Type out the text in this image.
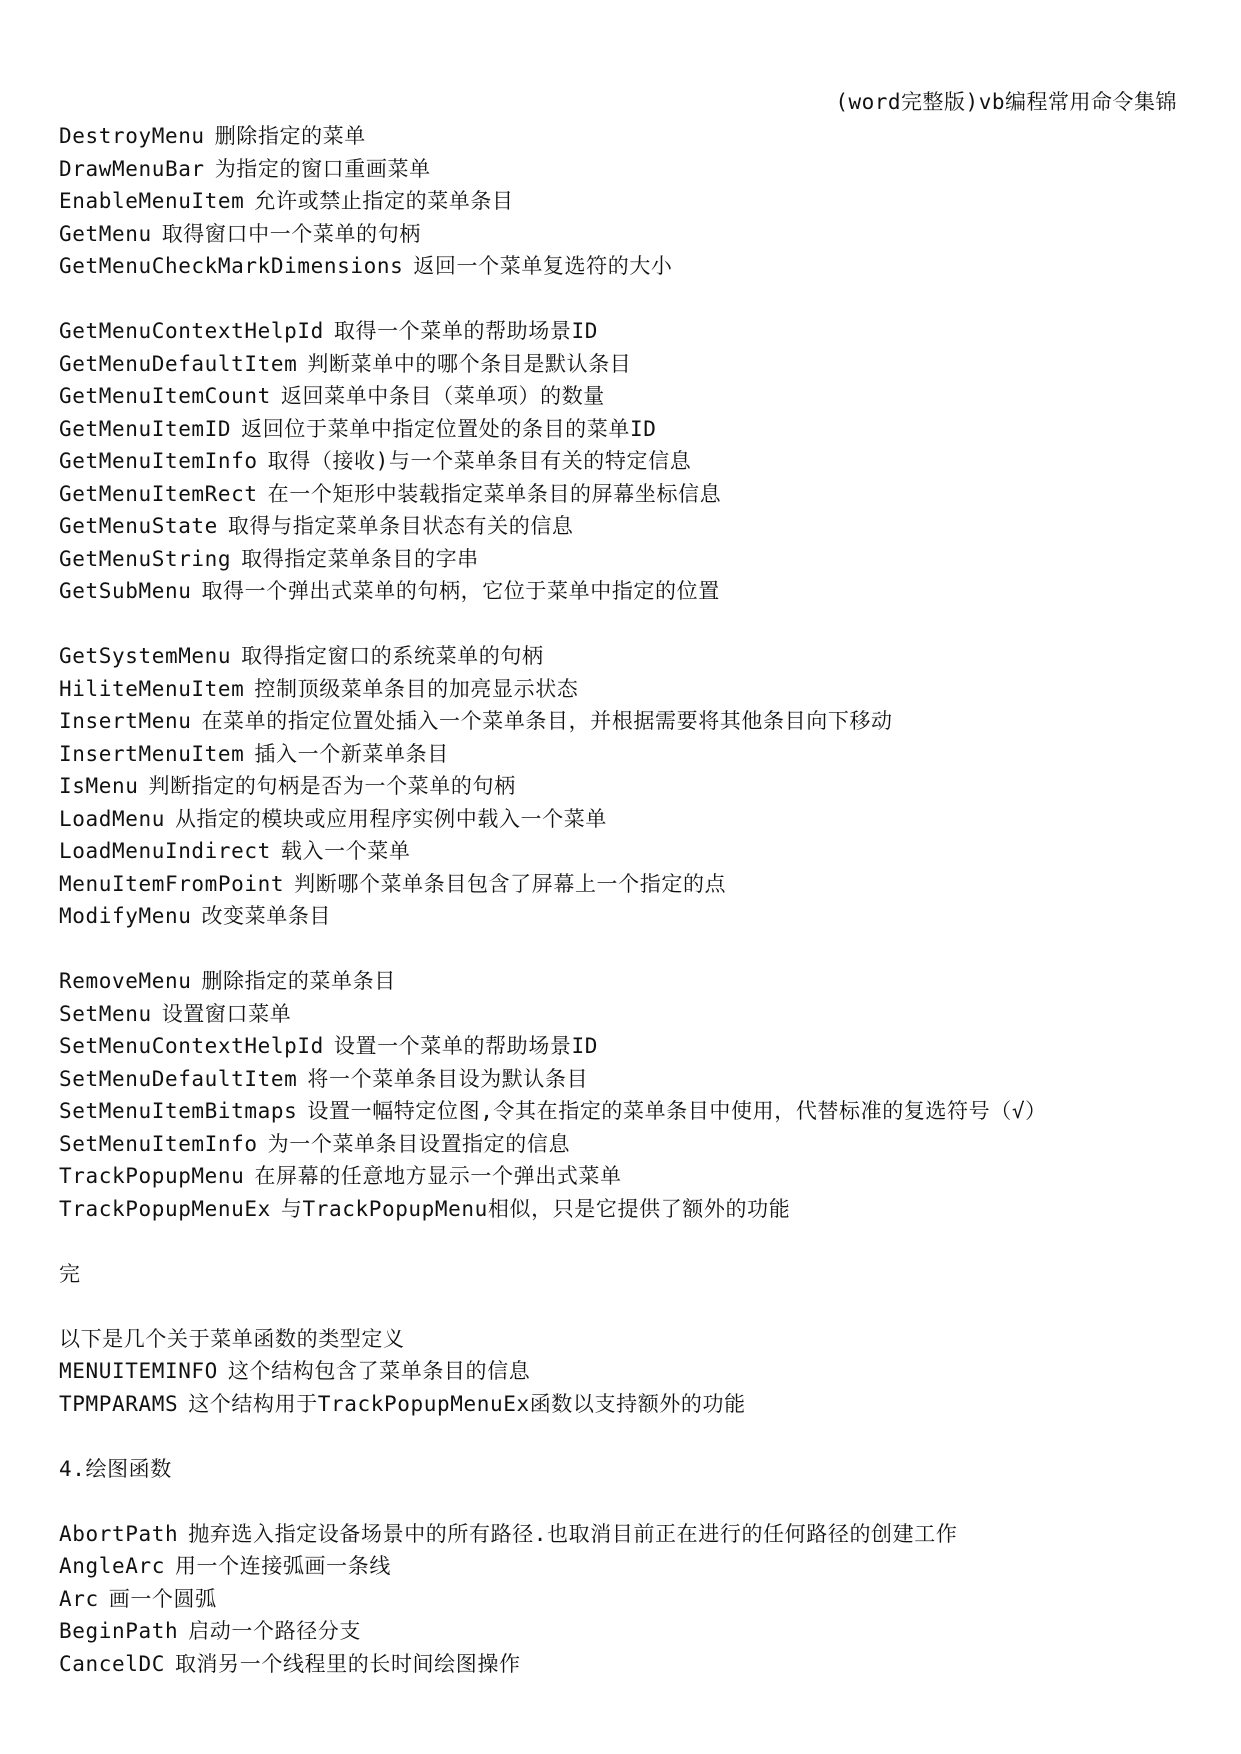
(word完整版)vb编程常用命令集锦
DestroyMenu 删除指定的菜单
DrawMenuBar 为指定的窗口重画菜单
EnableMenuItem 允许或禁止指定的菜单条目
GetMenu 取得窗口中一个菜单的句柄
GetMenuCheckMarkDimensions 返回一个菜单复选符的大小
GetMenuContextHelpId 取得一个菜单的帮助场景ID
GetMenuDefaultItem 判断菜单中的哪个条目是默认条目
GetMenuItemCount 返回菜单中条目（菜单项）的数量
GetMenuItemID 返回位于菜单中指定位置处的条目的菜单ID
GetMenuItemInfo 取得（接收)与一个菜单条目有关的特定信息
GetMenuItemRect 在一个矩形中装载指定菜单条目的屏幕坐标信息
GetMenuState 取得与指定菜单条目状态有关的信息
GetMenuString 取得指定菜单条目的字串
GetSubMenu 取得一个弹出式菜单的句柄，它位于菜单中指定的位置
GetSystemMenu 取得指定窗口的系统菜单的句柄
HiliteMenuItem 控制顶级菜单条目的加亮显示状态
InsertMenu 在菜单的指定位置处插入一个菜单条目，并根据需要将其他条目向下移动
InsertMenuItem 插入一个新菜单条目
IsMenu 判断指定的句柄是否为一个菜单的句柄
LoadMenu 从指定的模块或应用程序实例中载入一个菜单
LoadMenuIndirect 载入一个菜单
MenuItemFromPoint 判断哪个菜单条目包含了屏幕上一个指定的点
ModifyMenu 改变菜单条目
RemoveMenu 删除指定的菜单条目
SetMenu 设置窗口菜单
SetMenuContextHelpId 设置一个菜单的帮助场景ID
SetMenuDefaultItem 将一个菜单条目设为默认条目
SetMenuItemBitmaps 设置一幅特定位图,令其在指定的菜单条目中使用，代替标准的复选符号（√）
SetMenuItemInfo 为一个菜单条目设置指定的信息
TrackPopupMenu 在屏幕的任意地方显示一个弹出式菜单
TrackPopupMenuEx 与TrackPopupMenu相似，只是它提供了额外的功能
完
以下是几个关于菜单函数的类型定义
MENUITEMINFO 这个结构包含了菜单条目的信息
TPMPARAMS 这个结构用于TrackPopupMenuEx函数以支持额外的功能
4.绘图函数
AbortPath 抛弃选入指定设备场景中的所有路径.也取消目前正在进行的任何路径的创建工作
AngleArc 用一个连接弧画一条线
Arc 画一个圆弧
BeginPath 启动一个路径分支
CancelDC 取消另一个线程里的长时间绘图操作
